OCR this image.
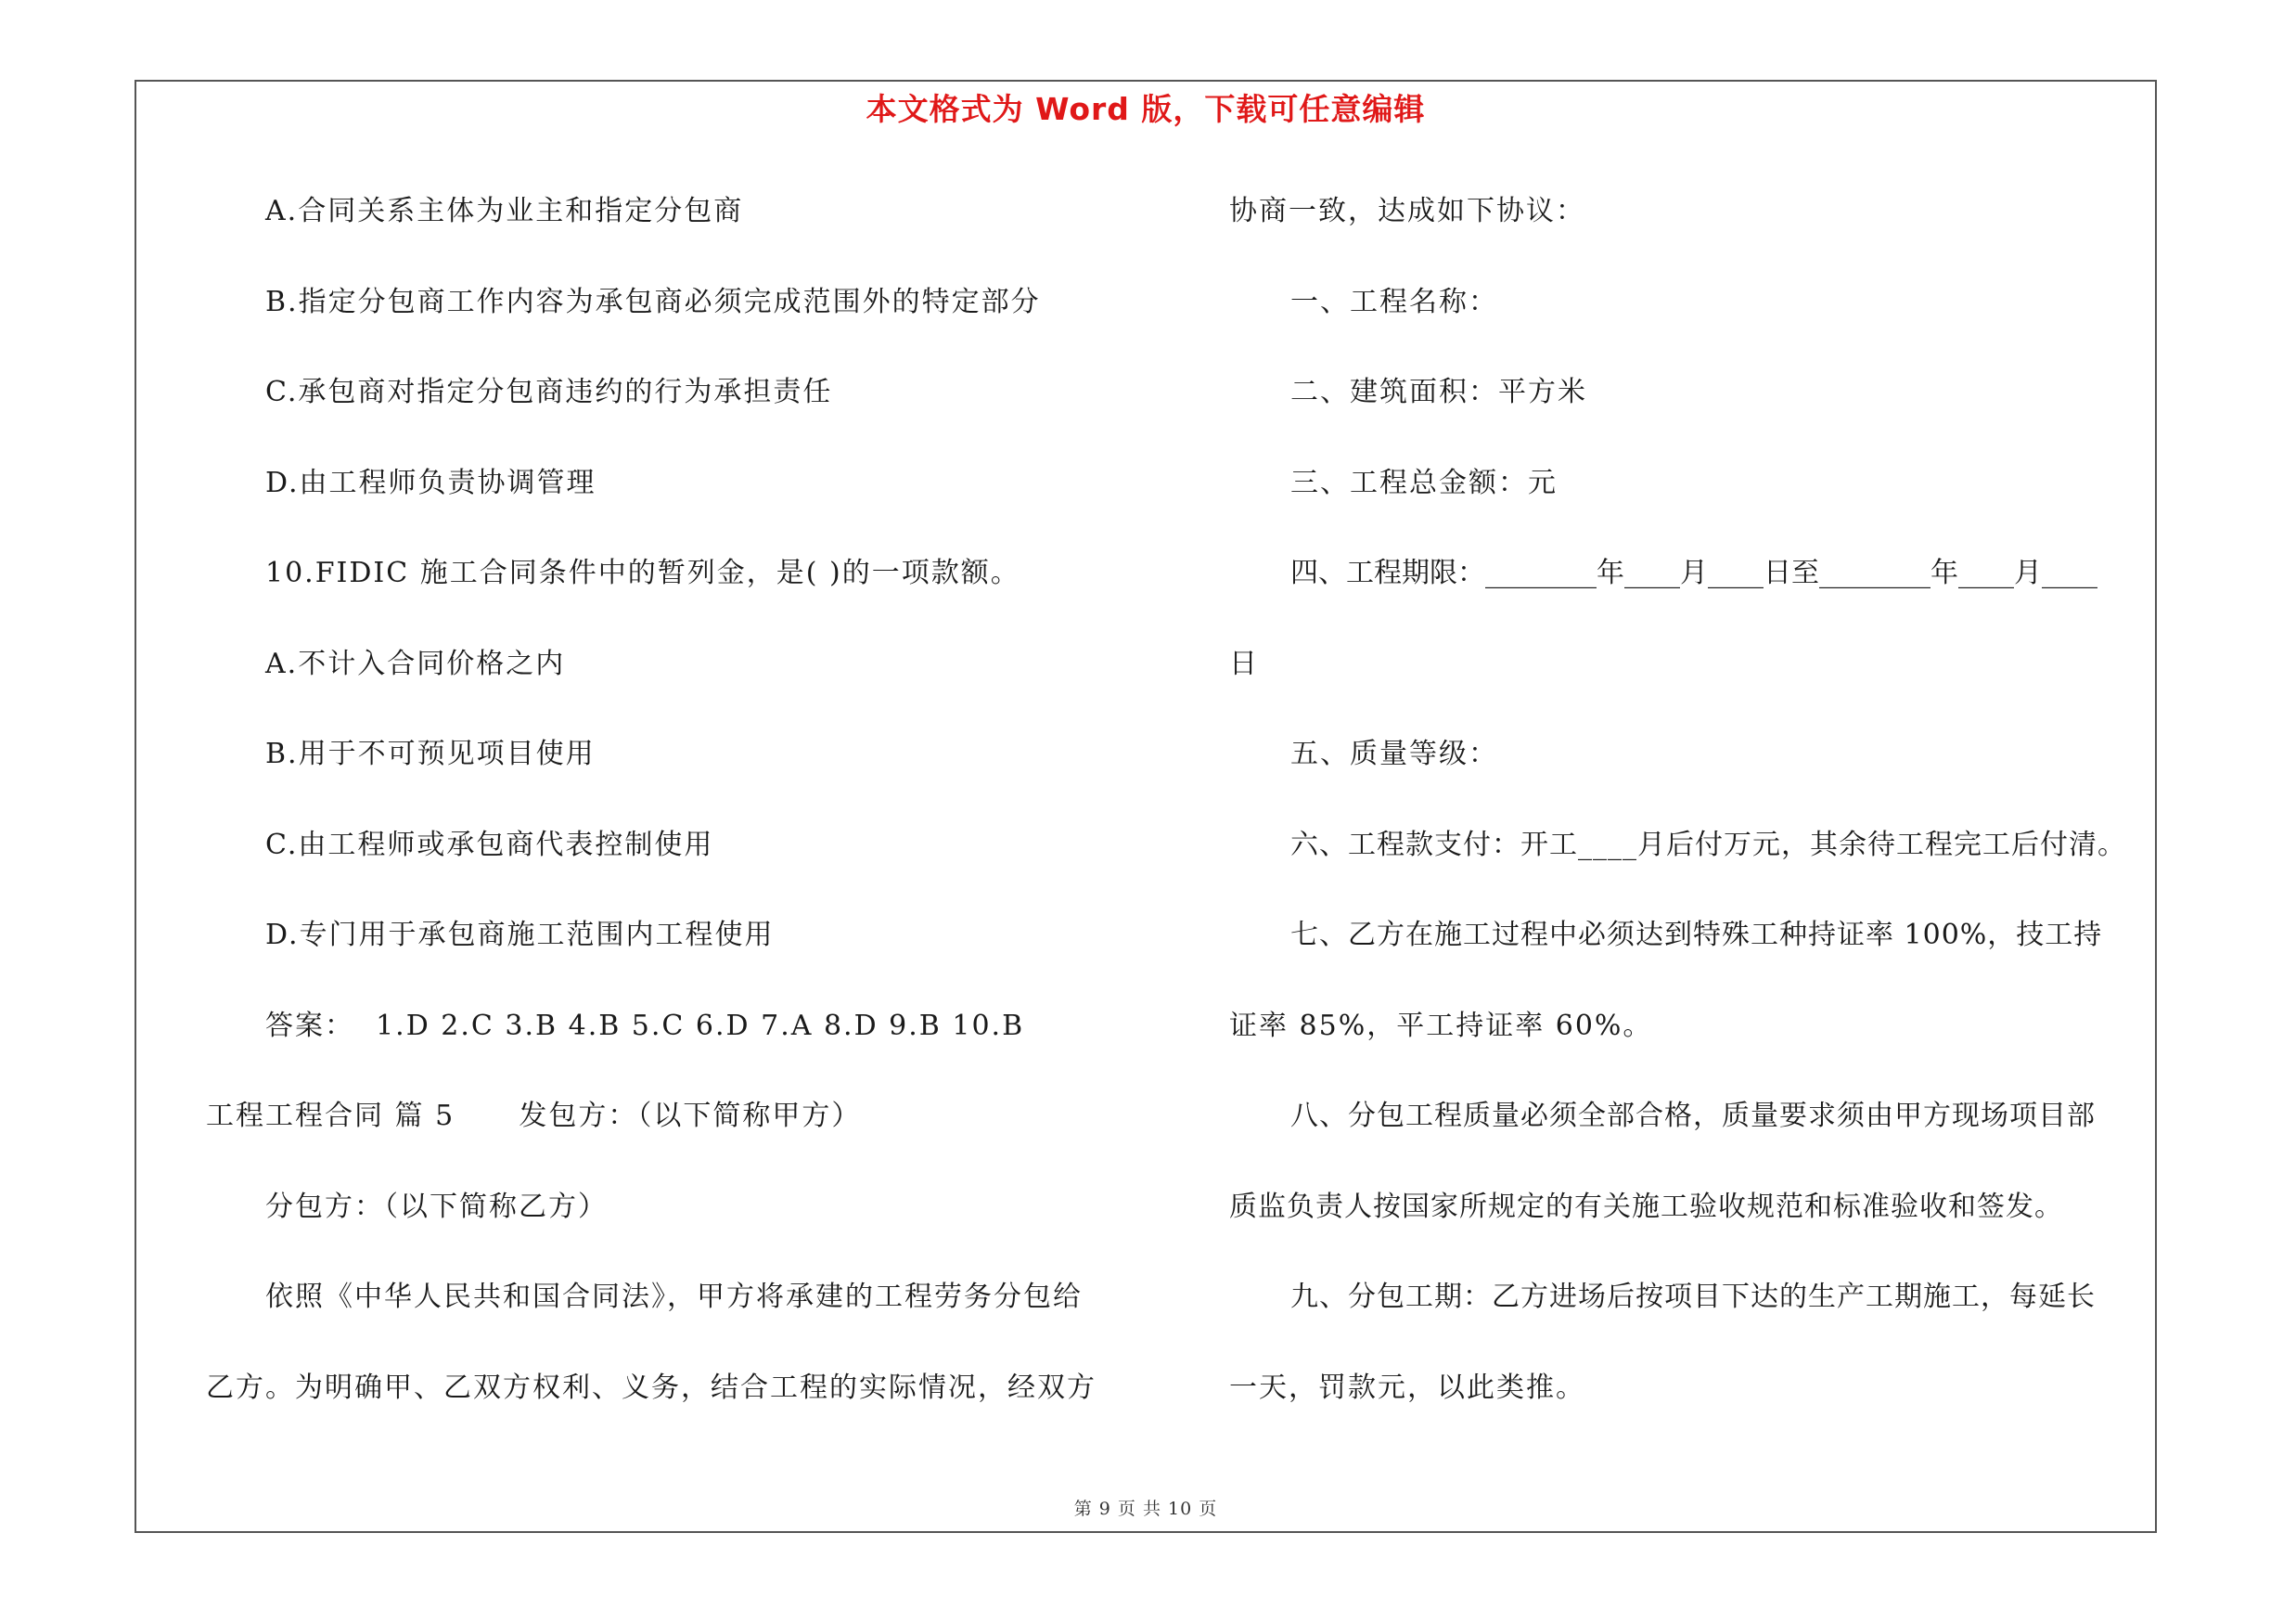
本文格式为 Word 版，下载可任意编辑
A.合同关系主体为业主和指定分包商
B.指定分包商工作内容为承包商必须完成范围外的特定部分
C.承包商对指定分包商违约的行为承担责任
D.由工程师负责协调管理
10.FIDIC 施工合同条件中的暂列金，是( )的一项款额。
A.不计入合同价格之内
B.用于不可预见项目使用
C.由工程师或承包商代表控制使用
D.专门用于承包商施工范围内工程使用
答案：  1.D 2.C 3.B 4.B 5.C 6.D 7.A 8.D 9.B 10.B
工程工程合同 篇 5      发包方：（以下简称甲方）
分包方：（以下简称乙方）
依照《中华人民共和国合同法》，甲方将承建的工程劳务分包给
乙方。为明确甲、乙双方权利、义务，结合工程的实际情况，经双方
协商一致，达成如下协议：
一、工程名称：
二、建筑面积：平方米
三、工程总金额：元
四、工程期限：________年____月____日至________年____月____
日
五、质量等级：
六、工程款支付：开工____月后付万元，其余待工程完工后付清。
七、乙方在施工过程中必须达到特殊工种持证率 100%，技工持
证率 85%，平工持证率 60%。
八、分包工程质量必须全部合格，质量要求须由甲方现场项目部
质监负责人按国家所规定的有关施工验收规范和标准验收和签发。
九、分包工期：乙方进场后按项目下达的生产工期施工，每延长
一天，罚款元，以此类推。
第 9 页 共 10 页
